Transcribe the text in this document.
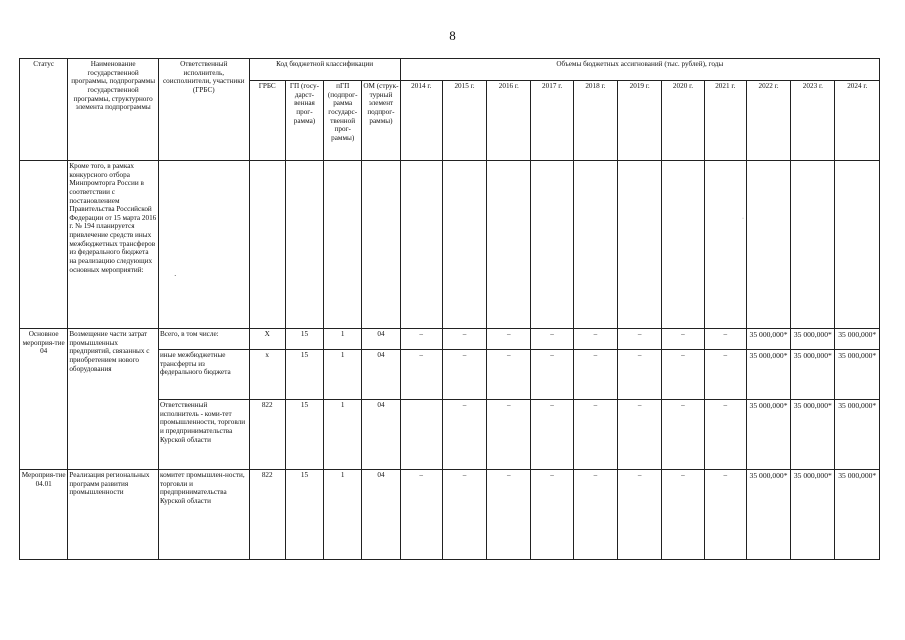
8
·
Статус	Наименование государственной программы, подпрограммы государственной программы, структурного элемента подпрограммы	Ответственный исполнитель, соисполнители, участники (ГРБС)	Код бюджетной классификации				Объемы бюджетных ассигнований (тыс. рублей), годы										
			ГРБС	ГП (госу-дарст-венная прог-рамма)	пГП (подпрог-рамма государс-твенной прог-раммы)	ОМ (струк-турный элемент подпрог-раммы)	2014 г.	2015 г.	2016 г.	2017 г.	2018 г.	2019 г.	2020 г.	2021 г.	2022 г.	2023 г.	2024 г.
	Кроме того, в рамках конкурсного отбора Минпромторга России в соответствии с постановлением Правительства Российской Федерации от 15 марта 2016 г. № 194 планируется привлечение средств иных межбюджетных трансферов из федерального бюджета на реализацию следующих основных мероприятий:	·															

Основное мероприя-тие 04	Возмещение части затрат промышленных предприятий, связанных с приобретением нового оборудования	Всего, в том числе:	X	15	1	04	–	–	–	–	–	–	–	–	35 000,000*	35 000,000*	35 000,000*
		иные межбюджетные трансферты из федерального бюджета	x	15	1	04	–	–	–	–	–	–	–	–	35 000,000*	35 000,000*	35 000,000*
		Ответственный исполнитель - коми-тет промышленности, торговли и предпринимательства Курской области	822	15	1	04		–	–	–	–	–	–	–	35 000,000*	35 000,000*	35 000,000*
Мероприя-тие 04.01	Реализация региональных программ развития промышленности	комитет промышлен-ности, торговли и предпринимательства Курской области	822	15	1	04	–	–	–	–	–	–	–	–	35 000,000*	35 000,000*	35 000,000*
